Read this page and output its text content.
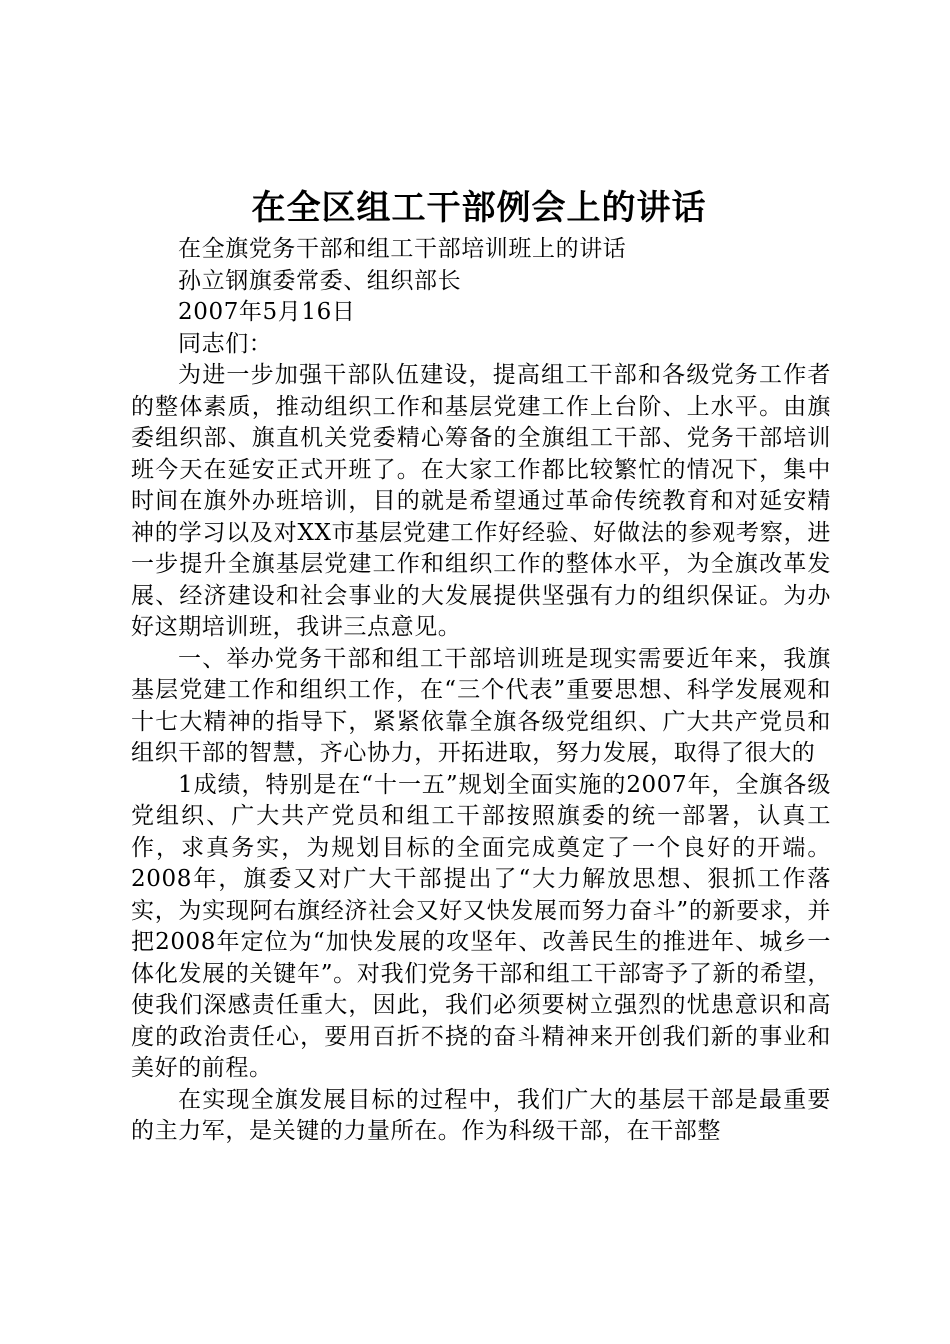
在全区组工干部例会上的讲话

在全旗党务干部和组工干部培训班上的讲话

孙立钢旗委常委、组织部长

2007年5月16日

同志们：

为进一步加强干部队伍建设，提高组工干部和各级党务工作者的整体素质，推动组织工作和基层党建工作上台阶、上水平。由旗委组织部、旗直机关党委精心筹备的全旗组工干部、党务干部培训班今天在延安正式开班了。在大家工作都比较繁忙的情况下，集中时间在旗外办班培训，目的就是希望通过革命传统教育和对延安精神的学习以及对XX市基层党建工作好经验、好做法的参观考察，进一步提升全旗基层党建工作和组织工作的整体水平，为全旗改革发展、经济建设和社会事业的大发展提供坚强有力的组织保证。为办好这期培训班，我讲三点意见。

一、举办党务干部和组工干部培训班是现实需要近年来，我旗基层党建工作和组织工作，在“三个代表”重要思想、科学发展观和十七大精神的指导下，紧紧依靠全旗各级党组织、广大共产党员和组织干部的智慧，齐心协力，开拓进取，努力发展，取得了很大的

1成绩，特别是在“十一五”规划全面实施的2007年，全旗各级党组织、广大共产党员和组工干部按照旗委的统一部署，认真工作，求真务实，为规划目标的全面完成奠定了一个良好的开端。2008年，旗委又对广大干部提出了“大力解放思想、狠抓工作落实，为实现阿右旗经济社会又好又快发展而努力奋斗”的新要求，并把2008年定位为“加快发展的攻坚年、改善民生的推进年、城乡一体化发展的关键年”。对我们党务干部和组工干部寄予了新的希望，使我们深感责任重大，因此，我们必须要树立强烈的忧患意识和高度的政治责任心，要用百折不挠的奋斗精神来开创我们新的事业和美好的前程。

在实现全旗发展目标的过程中，我们广大的基层干部是最重要的主力军，是关键的力量所在。作为科级干部，在干部整
